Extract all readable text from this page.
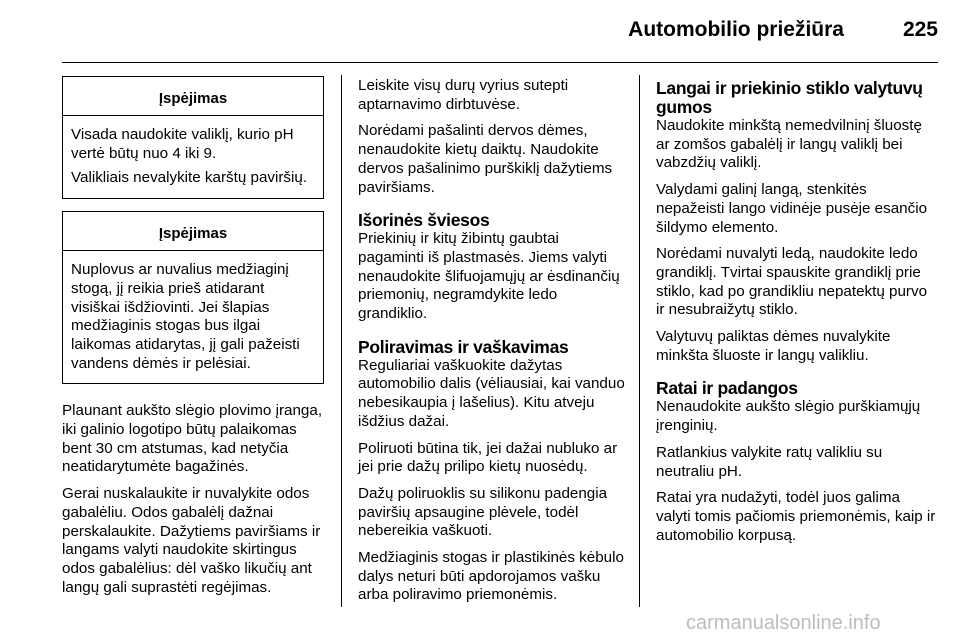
Automobilio priežiūra	225
Įspėjimas

Visada naudokite valiklį, kurio pH vertė būtų nuo 4 iki 9.

Valikliais nevalykite karštų paviršių.

Įspėjimas

Nuplovus ar nuvalius medžiaginį stogą, jį reikia prieš atidarant visiškai išdžiovinti. Jei šlapias medžiaginis stogas bus ilgai laikomas atidarytas, jį gali pažeisti vandens dėmės ir pelėsiai.

Plaunant aukšto slėgio plovimo įranga, iki galinio logotipo būtų palaikomas bent 30 cm atstumas, kad netyčia neatidarytumėte bagažinės.

Gerai nuskalaukite ir nuvalykite odos gabalėliu. Odos gabalėlį dažnai perskalaukite. Dažytiems paviršiams ir langams valyti naudokite skirtingus odos gabalėlius: dėl vaško likučių ant langų gali suprastėti regėjimas.

Leiskite visų durų vyrius sutepti aptarnavimo dirbtuvėse.

Norėdami pašalinti dervos dėmes, nenaudokite kietų daiktų. Naudokite dervos pašalinimo purškiklį dažytiems paviršiams.

Išorinės šviesos

Priekinių ir kitų žibintų gaubtai pagaminti iš plastmasės. Jiems valyti nenaudokite šlifuojamųjų ar ėsdinančių priemonių, negramdykite ledo grandiklio.

Poliravimas ir vaškavimas

Reguliariai vaškuokite dažytas automobilio dalis (vėliausiai, kai vanduo nebesikaupia į lašelius). Kitu atveju išdžius dažai.

Poliruoti būtina tik, jei dažai nubluko ar jei prie dažų prilipo kietų nuosėdų.

Dažų poliruoklis su silikonu padengia paviršių apsaugine plėvele, todėl nebereikia vaškuoti.

Medžiaginis stogas ir plastikinės kėbulo dalys neturi būti apdorojamos vašku arba poliravimo priemonėmis.

Langai ir priekinio stiklo valytuvų gumos

Naudokite minkštą nemedvilninį šluostę ar zomšos gabalėlį ir langų valiklį bei vabzdžių valiklį.

Valydami galinį langą, stenkitės nepažeisti lango vidinėje pusėje esančio šildymo elemento.

Norėdami nuvalyti ledą, naudokite ledo grandiklį. Tvirtai spauskite grandiklį prie stiklo, kad po grandikliu nepatektų purvo ir nesubraižytų stiklo.

Valytuvų paliktas dėmes nuvalykite minkšta šluoste ir langų valikliu.

Ratai ir padangos

Nenaudokite aukšto slėgio purškiamųjų įrenginių.

Ratlankius valykite ratų valikliu su neutraliu pH.

Ratai yra nudažyti, todėl juos galima valyti tomis pačiomis priemonėmis, kaip ir automobilio korpusą.

carmanualsonline.info
